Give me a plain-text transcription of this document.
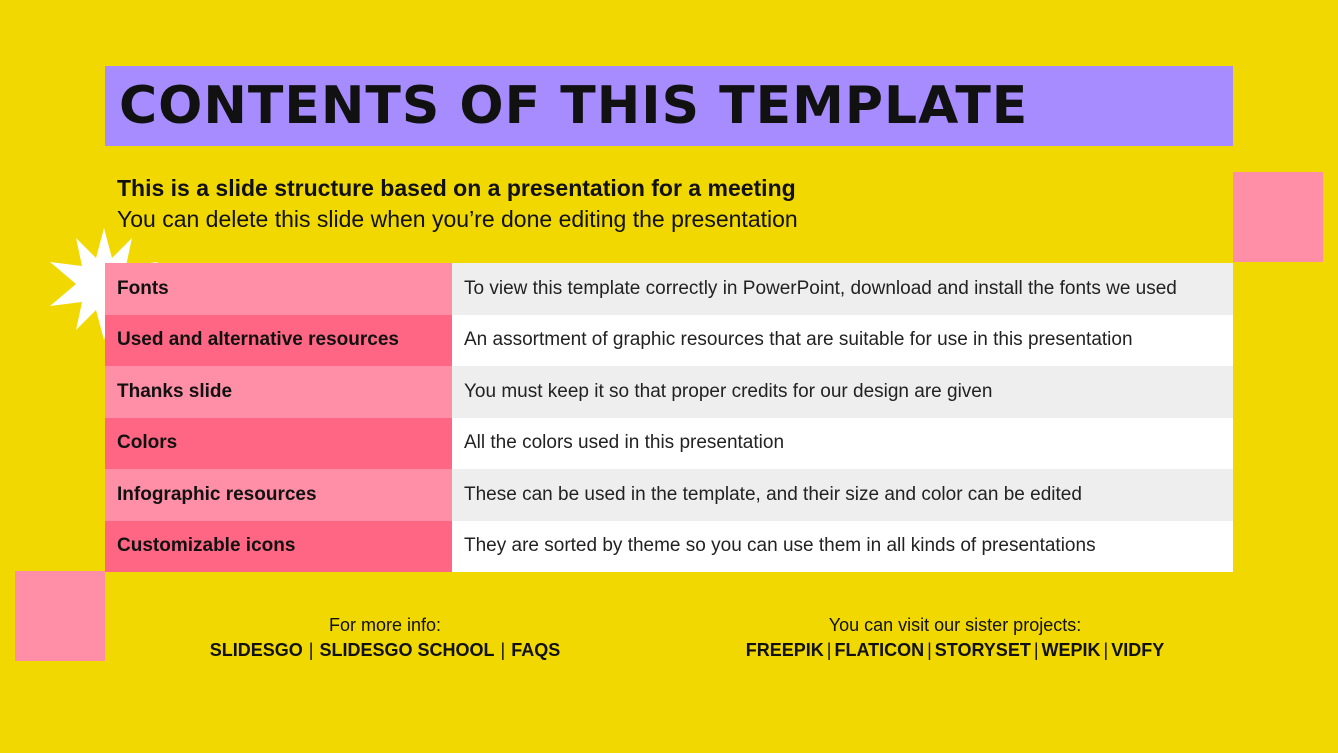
CONTENTS OF THIS TEMPLATE
This is a slide structure based on a presentation for a meeting
You can delete this slide when you’re done editing the presentation
Fonts	To view this template correctly in PowerPoint, download and install the fonts we used
Used and alternative resources	An assortment of graphic resources that are suitable for use in this presentation
Thanks slide	You must keep it so that proper credits for our design are given
Colors	All the colors used in this presentation
Infographic resources	These can be used in the template, and their size and color can be edited
Customizable icons	They are sorted by theme so you can use them in all kinds of presentations
For more info:
SLIDESGO | SLIDESGO SCHOOL | FAQS
You can visit our sister projects:
FREEPIK | FLATICON | STORYSET | WEPIK | VIDFY
